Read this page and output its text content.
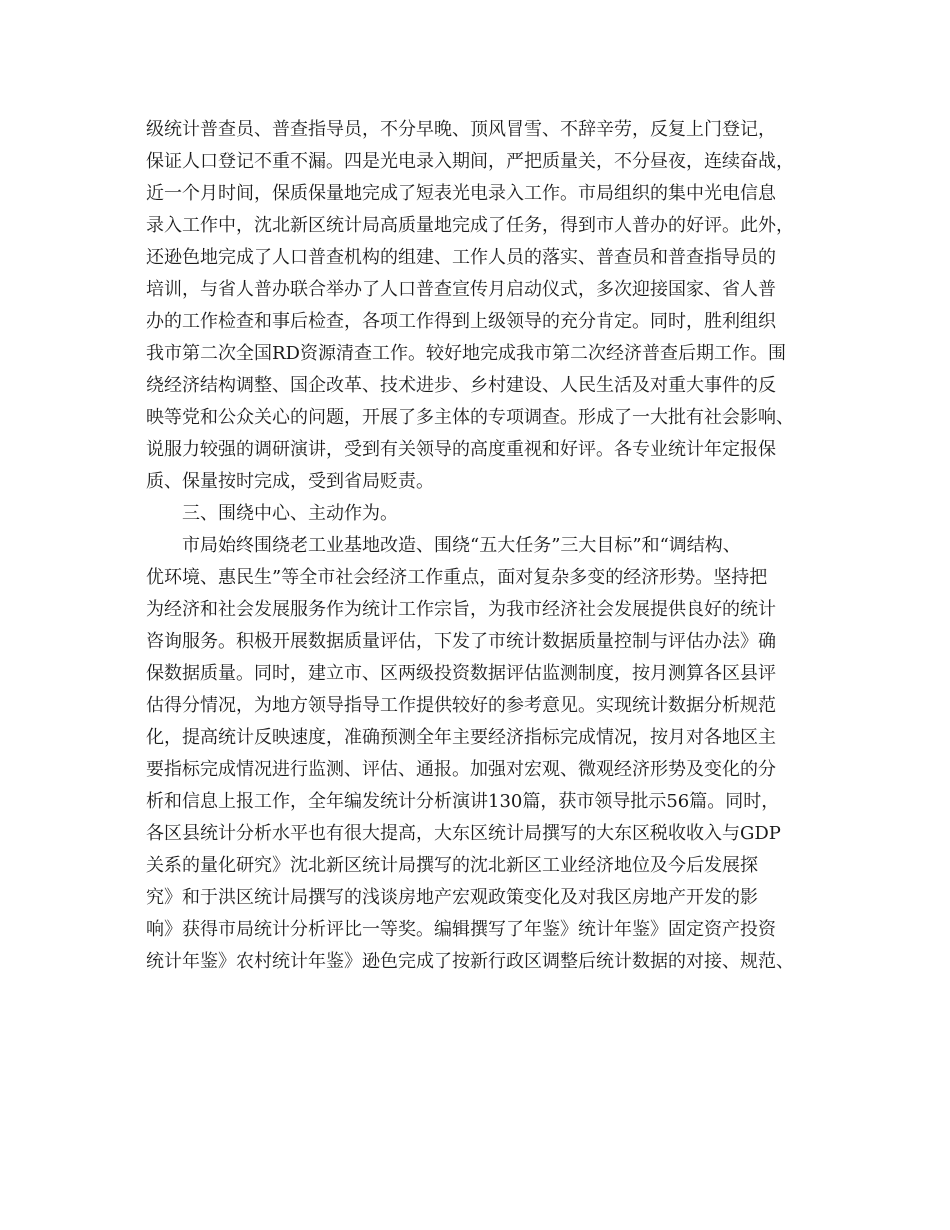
级统计普查员、普查指导员，不分早晚、顶风冒雪、不辞辛劳，反复上门登记，
保证人口登记不重不漏。四是光电录入期间，严把质量关，不分昼夜，连续奋战，
近一个月时间，保质保量地完成了短表光电录入工作。市局组织的集中光电信息
录入工作中，沈北新区统计局高质量地完成了任务，得到市人普办的好评。此外，
还逊色地完成了人口普查机构的组建、工作人员的落实、普查员和普查指导员的
培训，与省人普办联合举办了人口普查宣传月启动仪式，多次迎接国家、省人普
办的工作检查和事后检查，各项工作得到上级领导的充分肯定。同时，胜利组织
我市第二次全国RD资源清查工作。较好地完成我市第二次经济普查后期工作。围
绕经济结构调整、国企改革、技术进步、乡村建设、人民生活及对重大事件的反
映等党和公众关心的问题，开展了多主体的专项调查。形成了一大批有社会影响、
说服力较强的调研演讲，受到有关领导的高度重视和好评。各专业统计年定报保
质、保量按时完成，受到省局贬责。
三、围绕中心、主动作为。
市局始终围绕老工业基地改造、围绕“五大任务”三大目标”和“调结构、
优环境、惠民生”等全市社会经济工作重点，面对复杂多变的经济形势。坚持把
为经济和社会发展服务作为统计工作宗旨，为我市经济社会发展提供良好的统计
咨询服务。积极开展数据质量评估，下发了市统计数据质量控制与评估办法》确
保数据质量。同时，建立市、区两级投资数据评估监测制度，按月测算各区县评
估得分情况，为地方领导指导工作提供较好的参考意见。实现统计数据分析规范
化，提高统计反映速度，准确预测全年主要经济指标完成情况，按月对各地区主
要指标完成情况进行监测、评估、通报。加强对宏观、微观经济形势及变化的分
析和信息上报工作，全年编发统计分析演讲130篇，获市领导批示56篇。同时，
各区县统计分析水平也有很大提高，大东区统计局撰写的大东区税收收入与GDP
关系的量化研究》沈北新区统计局撰写的沈北新区工业经济地位及今后发展探
究》和于洪区统计局撰写的浅谈房地产宏观政策变化及对我区房地产开发的影
响》获得市局统计分析评比一等奖。编辑撰写了年鉴》统计年鉴》固定资产投资
统计年鉴》农村统计年鉴》逊色完成了按新行政区调整后统计数据的对接、规范、
